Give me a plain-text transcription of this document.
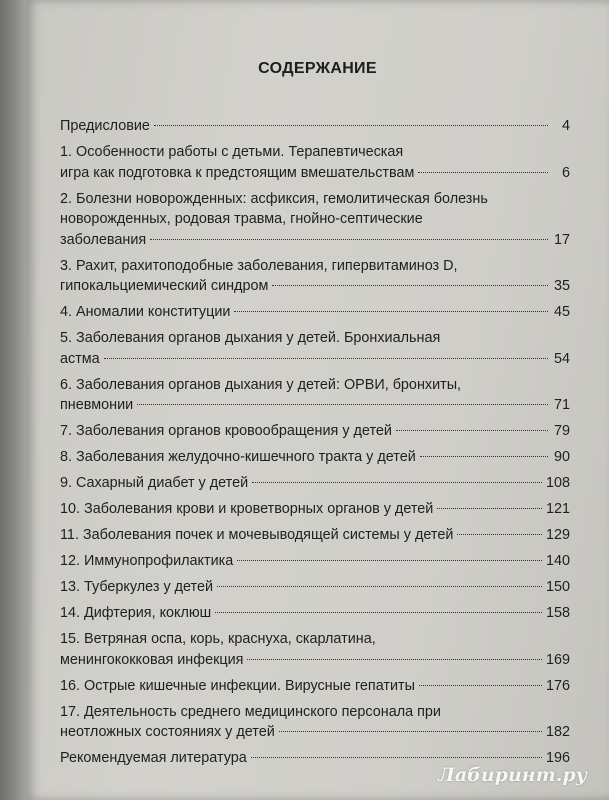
СОДЕРЖАНИЕ
Предисловие	4
1. Особенности работы с детьми. Терапевтическая
игра как подготовка к предстоящим вмешательствам	6
2. Болезни новорожденных: асфиксия, гемолитическая болезнь
новорожденных, родовая травма, гнойно-септические
заболевания	17
3. Рахит, рахитоподобные заболевания, гипервитаминоз D,
гипокальциемический синдром	35
4. Аномалии конституции	45
5. Заболевания органов дыхания у детей. Бронхиальная
астма	54
6. Заболевания органов дыхания у детей: ОРВИ, бронхиты,
пневмонии	71
7. Заболевания органов кровообращения у детей	79
8. Заболевания желудочно-кишечного тракта у детей	90
9. Сахарный диабет у детей	108
10. Заболевания крови и кроветворных органов у детей	121
11. Заболевания почек и мочевыводящей системы у детей	129
12. Иммунопрофилактика	140
13. Туберкулез у детей	150
14. Дифтерия, коклюш	158
15. Ветряная оспа, корь, краснуха, скарлатина,
менингококковая инфекция	169
16. Острые кишечные инфекции. Вирусные гепатиты	176
17. Деятельность среднего медицинского персонала при
неотложных состояниях у детей	182
Рекомендуемая литература	196
Лабиринт.ру
